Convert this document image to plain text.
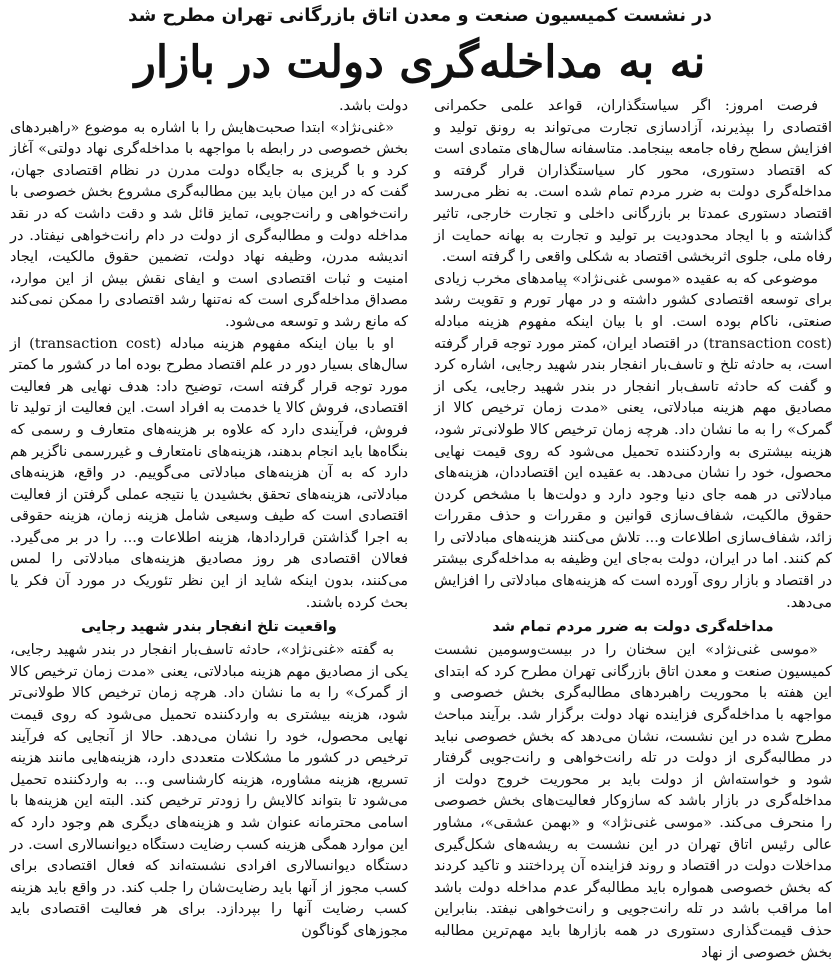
در نشست کمیسیون صنعت و معدن اتاق بازرگانی تهران مطرح شد
نه به مداخله‌گری دولت در بازار

فرصت امروز: اگر سیاستگذاران، قواعد علمی حکمرانی اقتصادی را بپذیرند، آزادسازی تجارت می‌تواند به رونق تولید و افزایش سطح رفاه جامعه بینجامد. متاسفانه سال‌های متمادی است که اقتصاد دستوری، محور کار سیاستگذاران قرار گرفته و مداخله‌گری دولت به ضرر مردم تمام شده است. به نظر می‌رسد اقتصاد دستوری عمدتا بر بازرگانی داخلی و تجارت خارجی، تاثیر گذاشته و با ایجاد محدودیت بر تولید و تجارت به بهانه حمایت از رفاه ملی، جلوی اثربخشی اقتصاد به شکلی واقعی را گرفته است.

موضوعی که به عقیده «موسی غنی‌نژاد» پیامدهای مخرب زیادی برای توسعه اقتصادی کشور داشته و در مهار تورم و تقویت رشد صنعتی، ناکام بوده است. او با بیان اینکه مفهوم هزینه مبادله (transaction cost) در اقتصاد ایران، کمتر مورد توجه قرار گرفته است، به حادثه تلخ و تاسف‌بار انفجار بندر شهید رجایی، اشاره کرد و گفت که حادثه تاسف‌بار انفجار در بندر شهید رجایی، یکی از مصادیق مهم هزینه مبادلاتی، یعنی «مدت زمان ترخیص کالا از گمرک» را به ما نشان داد. هرچه زمان ترخیص کالا طولانی‌تر شود، هزینه بیشتری به واردکننده تحمیل می‌شود که روی قیمت نهایی محصول، خود را نشان می‌دهد. به عقیده این اقتصاددان، هزینه‌های مبادلاتی در همه جای دنیا وجود دارد و دولت‌ها با مشخص کردن حقوق مالکیت، شفاف‌سازی قوانین و مقررات و حذف مقررات زائد، شفاف‌سازی اطلاعات و... تلاش می‌کنند هزینه‌های مبادلاتی را کم کنند. اما در ایران، دولت به‌جای این وظیفه به مداخله‌گری بیشتر در اقتصاد و بازار روی آورده است که هزینه‌های مبادلاتی را افزایش می‌دهد.

مداخله‌گری دولت به ضرر مردم تمام شد

«موسی غنی‌نژاد» این سخنان را در بیست‌وسومین نشست کمیسیون صنعت و معدن اتاق بازرگانی تهران مطرح کرد که ابتدای این هفته با محوریت راهبردهای مطالبه‌گری بخش خصوصی و مواجهه با مداخله‌گری فزاینده نهاد دولت برگزار شد. برآیند مباحث مطرح شده در این نشست، نشان می‌دهد که بخش خصوصی نباید در مطالبه‌گری از دولت در تله رانت‌خواهی و رانت‌جویی گرفتار شود و خواسته‌اش از دولت باید بر محوریت خروج دولت از مداخله‌گری در بازار باشد که سازوکار فعالیت‌های بخش خصوصی را منحرف می‌کند. «موسی غنی‌نژاد» و «بهمن عشقی»، مشاور عالی رئیس اتاق تهران در این نشست به ریشه‌های شکل‌گیری مداخلات دولت در اقتصاد و روند فزاینده آن پرداختند و تاکید کردند که بخش خصوصی همواره باید مطالبه‌گر عدم مداخله دولت باشد اما مراقب باشد در تله رانت‌جویی و رانت‌خواهی نیفتد. بنابراین حذف قیمت‌گذاری دستوری در همه بازارها باید مهم‌ترین مطالبه بخش خصوصی از نهاد

دولت باشد.

«غنی‌نژاد» ابتدا صحبت‌هایش را با اشاره به موضوع «راهبردهای بخش خصوصی در رابطه با مواجهه با مداخله‌گری نهاد دولتی» آغاز کرد و با گریزی به جایگاه دولت مدرن در نظام اقتصادی جهان، گفت که در این میان باید بین مطالبه‌گری مشروع بخش خصوصی با رانت‌خواهی و رانت‌جویی، تمایز قائل شد و دقت داشت که در نقد مداخله دولت و مطالبه‌گری از دولت در دام رانت‌خواهی نیفتاد. در اندیشه مدرن، وظیفه نهاد دولت، تضمین حقوق مالکیت، ایجاد امنیت و ثبات اقتصادی است و ایفای نقش بیش از این موارد، مصداق مداخله‌گری است که نه‌تنها رشد اقتصادی را ممکن نمی‌کند که مانع رشد و توسعه می‌شود.

او با بیان اینکه مفهوم هزینه مبادله (transaction cost) از سال‌های بسیار دور در علم اقتصاد مطرح بوده اما در کشور ما کمتر مورد توجه قرار گرفته است، توضیح داد: هدف نهایی هر فعالیت اقتصادی، فروش کالا یا خدمت به افراد است. این فعالیت از تولید تا فروش، فرآیندی دارد که علاوه بر هزینه‌های متعارف و رسمی که بنگاه‌ها باید انجام بدهند، هزینه‌های نامتعارف و غیررسمی ناگزیر هم دارد که به آن هزینه‌های مبادلاتی می‌گوییم. در واقع، هزینه‌های مبادلاتی، هزینه‌های تحقق بخشیدن یا نتیجه عملی گرفتن از فعالیت اقتصادی است که طیف وسیعی شامل هزینه زمان، هزینه حقوقی به اجرا گذاشتن قراردادها، هزینه اطلاعات و... را در بر می‌گیرد. فعالان اقتصادی هر روز مصادیق هزینه‌های مبادلاتی را لمس می‌کنند، بدون اینکه شاید از این نظر تئوریک در مورد آن فکر یا بحث کرده باشند.

واقعیت تلخ انفجار بندر شهید رجایی

به گفته «غنی‌نژاد»، حادثه تاسف‌بار انفجار در بندر شهید رجایی، یکی از مصادیق مهم هزینه مبادلاتی، یعنی «مدت زمان ترخیص کالا از گمرک» را به ما نشان داد. هرچه زمان ترخیص کالا طولانی‌تر شود، هزینه بیشتری به واردکننده تحمیل می‌شود که روی قیمت نهایی محصول، خود را نشان می‌دهد. حالا از آنجایی که فرآیند ترخیص در کشور ما مشکلات متعددی دارد، هزینه‌هایی مانند هزینه تسریع، هزینه مشاوره، هزینه کارشناسی و... به واردکننده تحمیل می‌شود تا بتواند کالایش را زودتر ترخیص کند. البته این هزینه‌ها با اسامی محترمانه عنوان شد و هزینه‌های دیگری هم وجود دارد که این موارد همگی هزینه کسب رضایت دستگاه دیوانسالاری است. در دستگاه دیوانسالاری افرادی نشسته‌اند که فعال اقتصادی برای کسب مجوز از آنها باید رضایت‌شان را جلب کند. در واقع باید هزینه کسب رضایت آنها را بپردازد. برای هر فعالیت اقتصادی باید مجوزهای گوناگون
